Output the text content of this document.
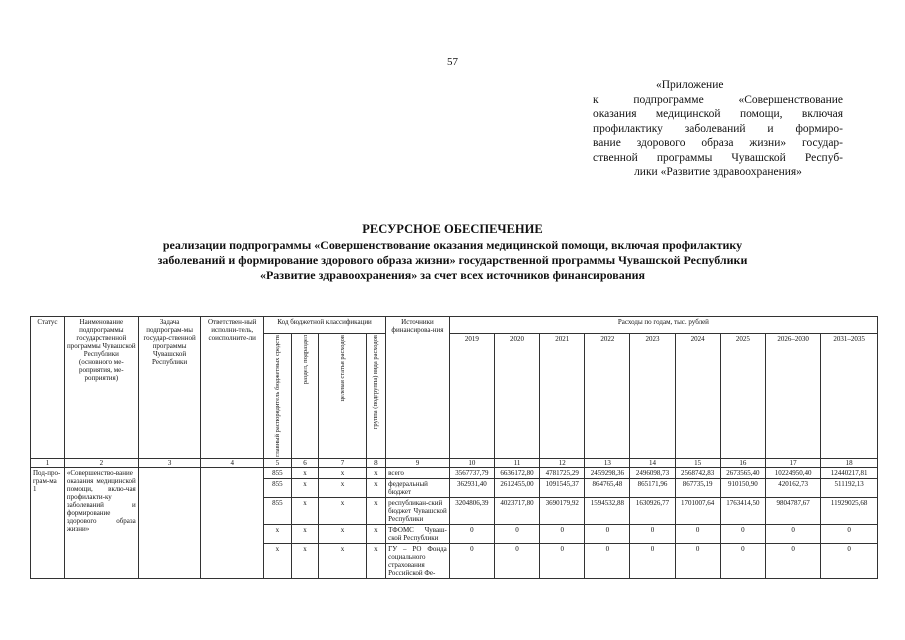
57
«Приложение
к подпрограмме «Совершенствование
оказания медицинской помощи, включая
профилактику заболеваний и формиро-
вание здорового образа жизни» государ-
ственной программы Чувашской Респуб-
лики «Развитие здравоохранения»
РЕСУРСНОЕ ОБЕСПЕЧЕНИЕ
реализации подпрограммы «Совершенствование оказания медицинской помощи, включая профилактику
заболеваний и формирование здорового образа жизни» государственной программы Чувашской Республики
«Развитие здравоохранения» за счет всех источников финансирования
Статус	Наименование подпрограммы государственной программы Чувашской Республики (основного ме-роприятия, ме-роприятия)	Задача подпрограм-мы государ-ственной программы Чувашской Республики	Ответствен-ный исполни-тель, соисполните-ли	Код бюджетной классификации				Источники финансирова-ния	Расходы по годам, тыс. рублей								

				главный распорядитель бюджетных средств	раздел, подраздел	целевая статья расходов	группа (подгруппа) вида расходов		2019	2020	2021	2022	2023	2024	2025	2026–2030	2031–2035
1	2	3	4	5	6	7	8	9	10	11	12	13	14	15	16	17	18
Под-про-грам-ма 1	«Совершенство-вание оказания медицинской помощи, вклю-чая профилакти-ку заболеваний и формирование здорового образа жизни»			855	х	х	х	всего	3567737,79	6636172,80	4781725,29	2459298,36	2496098,73	2568742,83	2673565,40	10224950,40	12440217,81
				855	х	х	х	федеральный бюджет	362931,40	2612455,00	1091545,37	864765,48	865171,96	867735,19	910150,90	420162,73	511192,13
				855	х	х	х	республикан-ский бюджет Чувашской Республики	3204806,39	4023717,80	3690179,92	1594532,88	1630926,77	1701007,64	1763414,50	9804787,67	11929025,68
				х	х	х	х	ТФОМС Чуваш-ской Республики	0	0	0	0	0	0	0	0	0
				х	х	х	х	ГУ – РО Фонда социального страхования Российской Фе-	0	0	0	0	0	0	0	0	0
